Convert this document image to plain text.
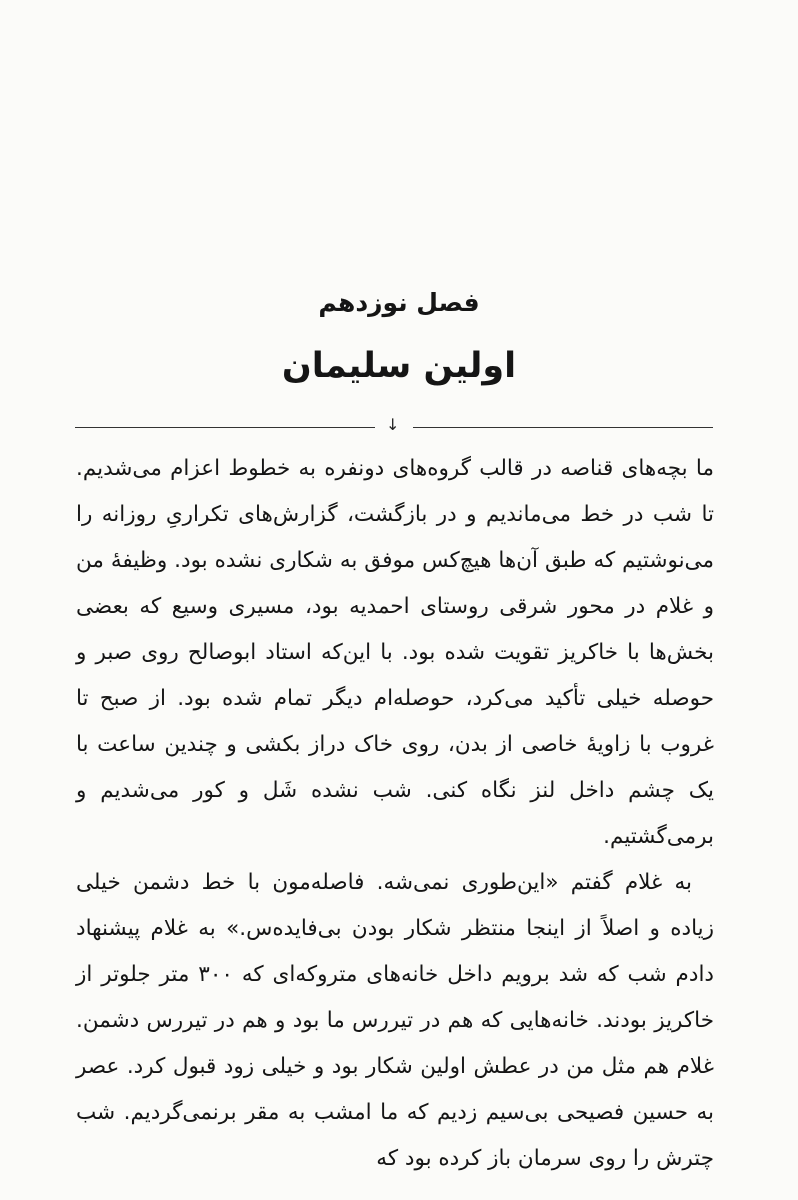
فصل نوزدهم
اولین سلیمان
↓

ما بچه‌های قناصه در قالب گروه‌های دونفره به خطوط اعزام می‌شدیم. تا شب در خط می‌ماندیم و در بازگشت، گزارش‌های تکراریِ روزانه را می‌نوشتیم که طبق آن‌ها هیچ‌کس موفق به شکاری نشده بود. وظیفهٔ من و غلام در محور شرقی روستای احمدیه بود، مسیری وسیع که بعضی بخش‌ها با خاکریز تقویت شده بود. با این‌که استاد ابوصالح روی صبر و حوصله خیلی تأکید می‌کرد، حوصله‌ام دیگر تمام شده بود. از صبح تا غروب با زاویهٔ خاصی از بدن، روی خاک دراز بکشی و چندین ساعت با یک چشم داخل لنز نگاه کنی. شب نشده شَل و کور می‌شدیم و برمی‌گشتیم.

به غلام گفتم «این‌طوری نمی‌شه. فاصله‌مون با خط دشمن خیلی زیاده و اصلاً از اینجا منتظر شکار بودن بی‌فایده‌س.» به غلام پیشنهاد دادم شب که شد برویم داخل خانه‌های متروکه‌ای که ۳۰۰ متر جلوتر از خاکریز بودند. خانه‌هایی که هم در تیررس ما بود و هم در تیررس دشمن. غلام هم مثل من در عطش اولین شکار بود و خیلی زود قبول کرد. عصر به حسین فصیحی بی‌سیم زدیم که ما امشب به مقر برنمی‌گردیم. شب چترش را روی سرمان باز کرده بود که
